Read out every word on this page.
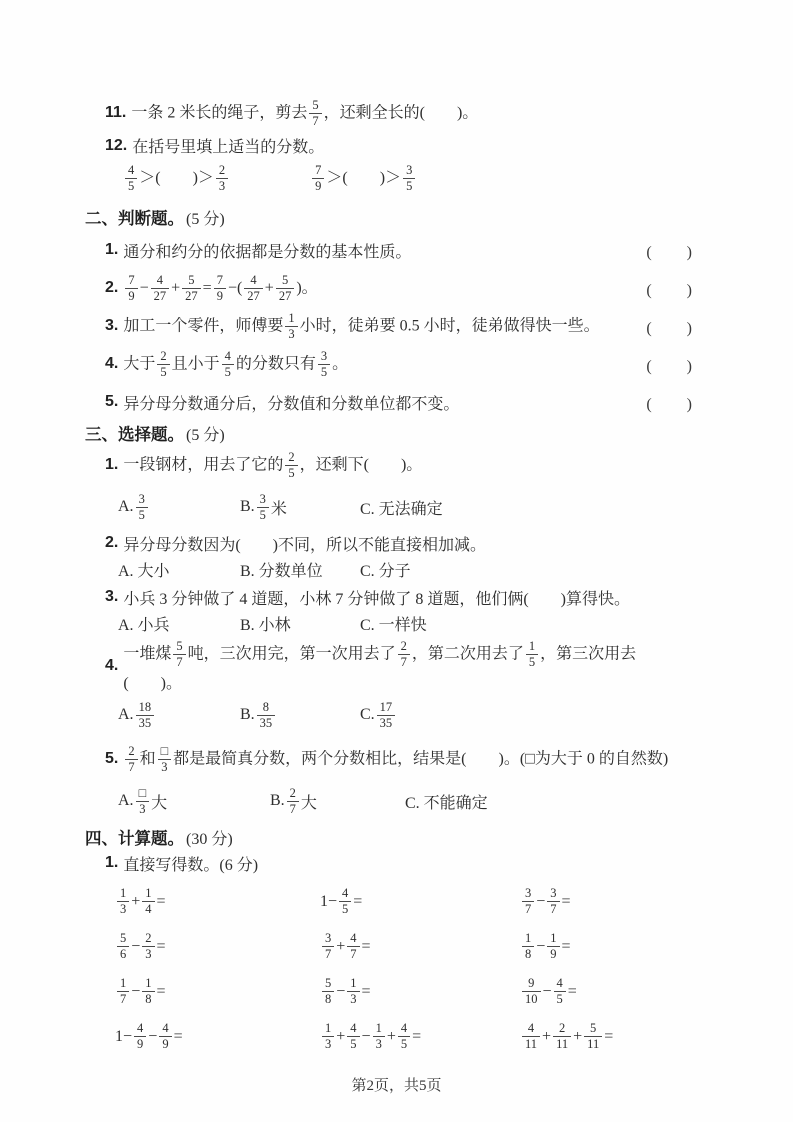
11. 一条 2 米长的绳子，剪去 $\frac{5}{7}$ ，还剩全长的(　　)。
12. 在括号里填上适当的分数。
$\frac{4}{5}$ ＞(　　)＞ $\frac{2}{3}$	$\frac{7}{9}$ ＞(　　)＞ $\frac{3}{5}$
二、判断题。 (5 分)
1. 通分和约分的依据都是分数的基本性质。	(　　)
2. $\frac{7}{9} - \frac{4}{27} + \frac{5}{27} = \frac{7}{9}$ −( $\frac{4}{27} + \frac{5}{27}$ )。	(　　)
3. 加工一个零件，师傅要 $\frac{1}{3}$ 小时，徒弟要 0.5 小时，徒弟做得快一些。	(　　)
4. 大于 $\frac{2}{5}$ 且小于 $\frac{4}{5}$ 的分数只有 $\frac{3}{5}$ 。	(　　)
5. 异分母分数通分后，分数值和分数单位都不变。	(　　)
三、选择题。 (5 分)
1. 一段钢材，用去了它的 $\frac{2}{5}$ ，还剩下(　　)。
A. $\frac{3}{5}$	B. $\frac{3}{5}$ 米	C. 无法确定
2. 异分母分数因为(　　)不同，所以不能直接相加减。
A. 大小	B. 分数单位	C. 分子
3. 小兵 3 分钟做了 4 道题，小林 7 分钟做了 8 道题，他们俩(　　)算得快。
A. 小兵	B. 小林	C. 一样快
4.
一堆煤 $\frac{5}{7}$ 吨，三次用完，第一次用去了 $\frac{2}{7}$ ，第二次用去了 $\frac{1}{5}$ ，第三次用去(　　)。
A. $\frac{18}{35}$	B. $\frac{8}{35}$	C. $\frac{17}{35}$
5. $\frac{2}{7}$ 和 $\frac{□}{3}$ 都是最简真分数，两个分数相比，结果是(　　)。(□为大于 0 的自然数)
A. $\frac{□}{3}$ 大	B. $\frac{2}{7}$ 大	C. 不能确定
四、计算题。 (30 分)
1. 直接写得数。 (6 分)
$\frac{1}{3} + \frac{1}{4}$ =	$1- \frac{4}{5}$ =	$\frac{3}{7} - \frac{3}{7}$ =
$\frac{5}{6} - \frac{2}{3}$ =	$\frac{3}{7} + \frac{4}{7}$ =	$\frac{1}{8} - \frac{1}{9}$ =
$\frac{1}{7} - \frac{1}{8}$ =	$\frac{5}{8} - \frac{1}{3}$ =	$\frac{9}{10} - \frac{4}{5}$ =
$1- \frac{4}{9} - \frac{4}{9}$ =	$\frac{1}{3} + \frac{4}{5} - \frac{1}{3} + \frac{4}{5}$ =	$\frac{4}{11} + \frac{2}{11} + \frac{5}{11}$ =
第2页，共5页
